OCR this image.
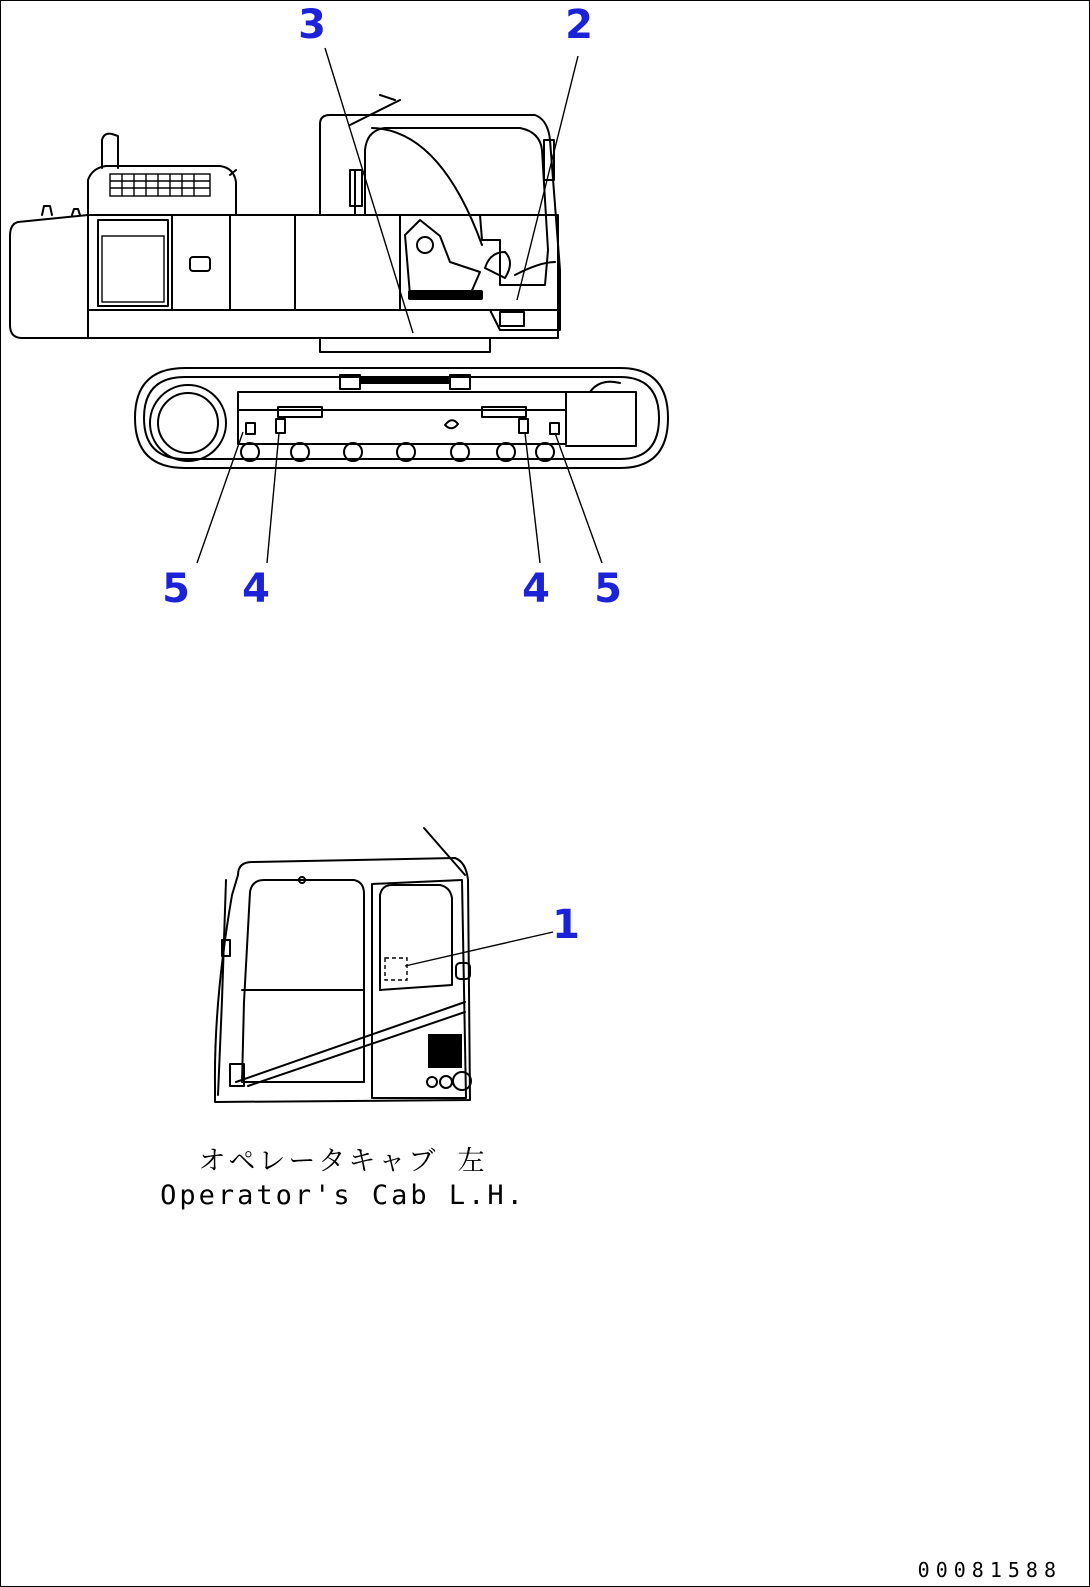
3	2
5 4	4 5
1
オペレータキャブ 左
Operator's Cab L.H.
00081588
